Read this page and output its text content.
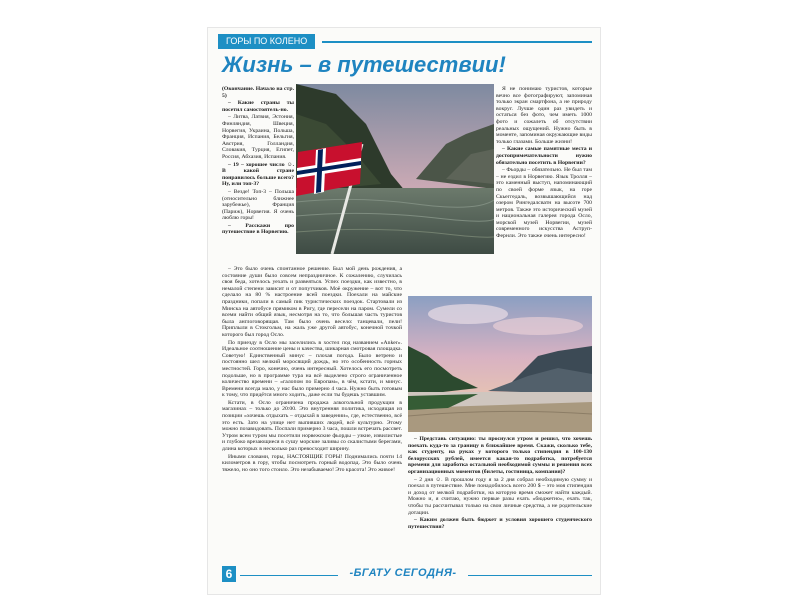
ГОРЫ ПО КОЛЕНО
Жизнь – в путешествии!

(Окончание. Начало на стр. 5)

– Какие страны ты посетил самостоятель-но.

– Литва, Латвия, Эстония, Финляндия, Швеция, Норвегия, Украина, Польша, Франция, Испания, Бельгия, Австрия, Голландия, Словакия, Турция, Египет, Россия, Абхазия, Испания.

– 19 – хорошее число ☺. В какой стране понравилось больше всего? Ну, или топ-3?

– Везде! Топ-3 – Польша (относительно ближнее зарубежье), Франция (Париж), Норвегия. Я очень люблю горы!

– Расскажи про путешествие в Норвегию.

– Это было очень спонтанное решение. Был мой день рождения, а состояние души было совсем непраздничное. К сожалению, случилась своя беда, хотелось уехать и развеяться. Успех поездки, как известно, в немалой степени зависит и от попутчиков. Моё окружение – вот то, что сделало на 80 % настроение всей поездки. Поехали на майские праздники, попали в самый пик туристических поездок. Стартовали из Минска на автобусе прямиком в Ригу, где пересели на паром. Сумели со всеми найти общий язык, несмотря на то, что большая часть туристов была англоговорящая. Там было очень весело: танцевали, пели! Приплыли в Стокгольм, на жаль уже другой автобус, конечной точкой которого был город Осло.

По приезду в Осло мы заселились в хостел под названием «Anker». Идеальное соотношение цены и качества, шикарная смотровая площадка. Советую! Единственный минус – плохая погода. Было ветрено и постоянно шел мелкий моросящий дождь, но это особенность горных местностей. Горо, конечно, очень интересный. Хотелось его посмотреть подольше, но в программе тура на всё выделено строго ограниченное количество времени – «галопом по Европам», в чём, кстати, и минус. Времени всегда мало, у нас было примерно 4 часа. Нужно быть готовым к тому, что придётся много ходить, даже если ты будешь уставшим.

Кстати, в Осло ограничена продажа алкогольной продукции в магазинах – только до 20:00. Это внутренняя политика, исходящая из позиции «хочешь отдыхать – отдыхай в заведении», где, естественно, всё это есть. Зато на улице нет выпивших людей, всё культурно. Этому можно позавидовать. Поспали примерно 3 часа, пошли встречать рассвет. Утром всем туром мы посетили норвежские фьорды – узкие, извилистые и глубоко врезающиеся в сушу морские заливы со скалистыми берегами, длина которых в несколько раз превосходит ширину.

Иными словами, горы, НАСТОЯЩИЕ ГОРЫ! Поднимались почти 14 километров в гору, чтобы посмотреть горный водопад. Это было очень тяжело, но оно того стоило. Это незабываемо! Это красота! Это живое!

Я не понимаю туристов, которые вечно все фотографируют, запоминая только экран смартфона, а не природу вокруг. Лучше один раз увидеть и остаться без фото, чем иметь 1000 фото и сожалеть об отсутствии реальных ощущений. Нужно быть в моменте, запоминая окружающие виды только глазами. Больше жизни!

– Какие самые памятные места и достопримечательности нужно обязательно посетить в Норвегии?

– Фьорды – обязательно. Не был там – не ездил в Норвегию. Язык Тролля – это каменный выступ, напоминающий по своей форме язык, на горе Скьеггедаль, возвышающийся над озером Рингедалсватн на высоте 700 метров. Также это исторический музей и национальная галерея города Осло, морской музей Норвегии, музей современного искусства Аструп-Фернли. Это также очень интересно!

– Представь ситуацию: ты проснулся утром и решил, что хочешь поехать куда-то за границу в ближайшее время. Скажи, сколько тебе, как студенту, на руках у которого только стипендия в 100-130 белорусских рублей, имеется какая-то подработка, потребуется времени для заработка остальной необходимой суммы и решения всех организационных моментов (билеты, гостиница, компания)?

– 2 дня ☺. В прошлом году я за 2 дня собрал необходимую сумму и поехал в путешествие. Мне понадобилось всего 200 $ – это моя стипендия и доход от мелкой подработки, на которую время сможет найти каждый. Можно и, я считаю, нужно первые разы ехать «бюджетно», ехать так, чтобы ты рассчитывал только на свои личные средства, а не родительские дотации.

– Каким должен быть бюджет и условия хорошего студенческого путешествия?

6	-БГАТУ СЕГОДНЯ-
